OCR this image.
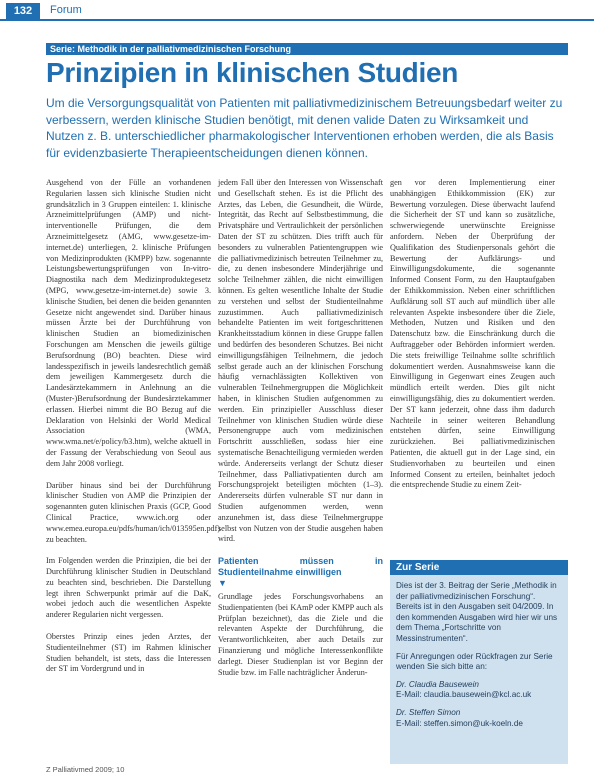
132	Forum
Serie: Methodik in der palliativmedizinischen Forschung
Prinzipien in klinischen Studien

Um die Versorgungsqualität von Patienten mit palliativmedizinischem Betreuungsbedarf weiter zu verbessern, werden klinische Studien benötigt, mit denen valide Daten zu Wirksamkeit und Nutzen z. B. unterschiedlicher pharmakologischer Interventionen erhoben werden, die als Basis für evidenzbasierte Therapieentscheidungen dienen können.

Ausgehend von der Fülle an vorhandenen Regularien lassen sich klinische Studien nicht grundsätzlich in 3 Gruppen einteilen: 1. klinische Arzneimittelprüfungen (AMP) und nicht-interventionelle Prüfungen, die dem Arzneimittelgesetz (AMG, www.gesetze-im-internet.de) unterliegen, 2. klinische Prüfungen von Medizinprodukten (KMPP) bzw. sogenannte Leistungsbewertungsprüfungen von In-vitro-Diagnostika nach dem Medizinproduktegesetz (MPG, www.gesetze-im-internet.de) sowie 3. klinische Studien, bei denen die beiden genannten Gesetze nicht angewendet sind. Darüber hinaus müssen Ärzte bei der Durchführung von klinischen Studien an biomedizinischen Forschungen am Menschen die jeweils gültige Berufsordnung (BO) beachten. Diese wird landesspezifisch in jeweils landesrechtlich gemäß dem jeweiligen Kammergesetz durch die Landesärztekammern in Anlehnung an die (Muster-)Berufsordnung der Bundesärztekammer erlassen. Hierbei nimmt die BO Bezug auf die Deklaration von Helsinki der World Medical Association (WMA, www.wma.net/e/policy/b3.htm), welche aktuell in der Fassung der Verabschiedung von Seoul aus dem Jahr 2008 vorliegt.

Darüber hinaus sind bei der Durchführung klinischer Studien von AMP die Prinzipien der sogenannten guten klinischen Praxis (GCP, Good Clinical Practice, www.ich.org oder www.emea.europa.eu/pdfs/human/ich/013595en.pdf) zu beachten.

Im Folgenden werden die Prinzipien, die bei der Durchführung klinischer Studien in Deutschland zu beachten sind, beschrieben. Die Darstellung legt ihren Schwerpunkt primär auf die DaK, wobei jedoch auch die wesentlichen Aspekte anderer Regularien nicht vergessen.

Oberstes Prinzip eines jeden Arztes, der Studienteilnehmer (ST) im Rahmen klinischer Studien behandelt, ist stets, dass die Interessen der ST im Vordergrund und in

jedem Fall über den Interessen von Wissenschaft und Gesellschaft stehen. Es ist die Pflicht des Arztes, das Leben, die Gesundheit, die Würde, Integrität, das Recht auf Selbstbestimmung, die Privatsphäre und Vertraulichkeit der persönlichen Daten der ST zu schützen. Dies trifft auch für besonders zu vulnerablen Patientengruppen wie die palliativmedizinisch betreuten Teilnehmer zu, die, zu denen insbesondere Minderjährige und solche Teilnehmer zählen, die nicht einwilligen können. Es gelten wesentliche Inhalte der Studie zu verstehen und selbst der Studienteilnahme zuzustimmen. Auch palliativmedizinisch behandelte Patienten im weit fortgeschrittenen Krankheitsstadium können in diese Gruppe fallen und bedürfen des besonderen Schutzes. Bei nicht einwilligungsfähigen Teilnehmern, die jedoch selbst gerade auch an der klinischen Forschung häufig vernachlässigten Kollektiven von vulnerablen Teilnehmergruppen die Möglichkeit haben, in klinischen Studien aufgenommen zu werden. Ein prinzipieller Ausschluss dieser Teilnehmer von klinischen Studien würde diese Personengruppe auch vom medizinischen Fortschritt ausschließen, sodass hier eine systematische Benachteiligung vermieden werden würde. Andererseits verlangt der Schutz dieser Teilnehmer, dass Palliativpatienten durch am Forschungsprojekt beteiligten möchten (1–3). Andererseits dürfen vulnerable ST nur dann in Studien aufgenommen werden, wenn anzunehmen ist, dass diese Teilnehmergruppe selbst von Nutzen von der Studie ausgehen haben wird.

Patienten müssen in Studienteilnahme einwilligen
▼

Grundlage jedes Forschungsvorhabens an Studienpatienten (bei KAmP oder KMPP auch als Prüfplan bezeichnet), das die Ziele und die relevanten Aspekte der Durchführung, die Verantwortlichkeiten, aber auch Details zur Finanzierung und mögliche Interessenkonflikte darlegt. Dieser Studienplan ist vor Beginn der Studie bzw. im Falle nachträglicher Änderun-

gen vor deren Implementierung einer unabhängigen Ethikkommission (EK) zur Bewertung vorzulegen. Diese überwacht laufend die Sicherheit der ST und kann so zusätzliche, schwerwiegende unerwünschte Ereignisse anfordern. Neben der Überprüfung der Qualifikation des Studienpersonals gehört die Bewertung der Aufklärungs- und Einwilligungsdokumente, die sogenannte Informed Consent Form, zu den Hauptaufgaben der Ethikkommission. Neben einer schriftlichen Aufklärung soll ST auch auf mündlich über alle relevanten Aspekte insbesondere über die Ziele, Methoden, Nutzen und Risiken und den Datenschutz bzw. die Einschränkung durch die Auftraggeber oder Behörden informiert werden. Die stets freiwillige Teilnahme sollte schriftlich dokumentiert werden. Ausnahmsweise kann die Einwilligung in Gegenwart eines Zeugen auch mündlich erteilt werden. Dies gilt nicht einwilligungsfähig, dies zu dokumentiert werden. Der ST kann jederzeit, ohne dass ihm dadurch Nachteile in seiner weiteren Behandlung entstehen dürfen, seine Einwilligung zurückziehen. Bei palliativmedizinischen Patienten, die aktuell gut in der Lage sind, ein Studienvorhaben zu beurteilen und einen Informed Consent zu erteilen, beinhaltet jedoch die entsprechende Studie zu einem Zeit-

Zur Serie

Dies ist der 3. Beitrag der Serie „Methodik in der palliativmedizinischen Forschung“. Bereits ist in den Ausgaben seit 04/2009. In den kommenden Ausgaben wird hier wir uns dem Thema „Fortschritte von Messinstrumenten“.

Für Anregungen oder Rückfragen zur Serie wenden Sie sich bitte an:

Dr. Claudia Bausewein
E-Mail: claudia.bausewein@kcl.ac.uk

Dr. Steffen Simon
E-Mail: steffen.simon@uk-koeln.de

Z Palliativmed 2009; 10
